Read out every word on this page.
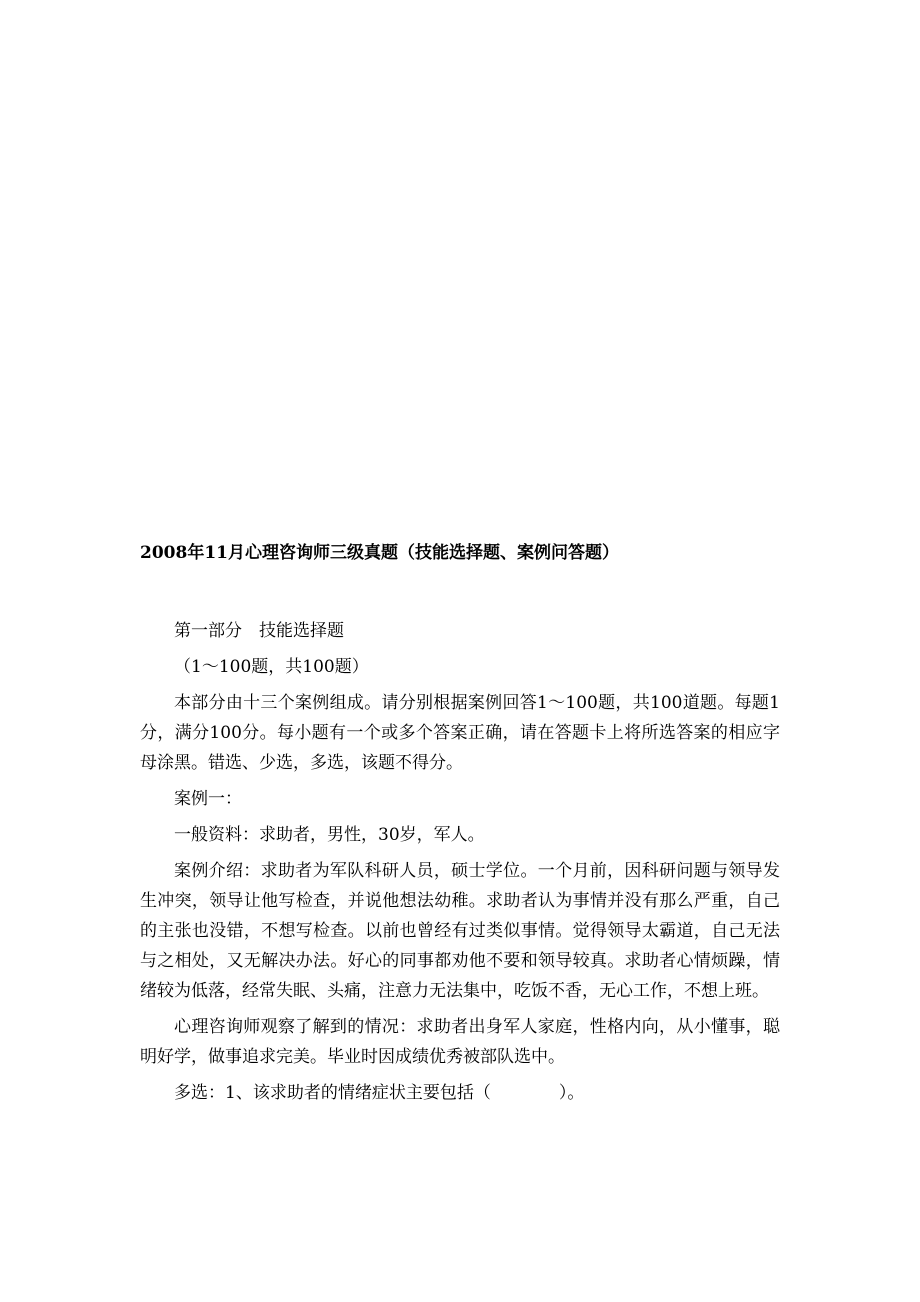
2008年11月心理咨询师三级真题（技能选择题、案例问答题）

第一部分　技能选择题

（1～100题，共100题）

本部分由十三个案例组成。请分别根据案例回答1～100题，共100道题。每题1分，满分100分。每小题有一个或多个答案正确，请在答题卡上将所选答案的相应字母涂黑。错选、少选，多选，该题不得分。

案例一：

一般资料：求助者，男性，30岁，军人。

案例介绍：求助者为军队科研人员，硕士学位。一个月前，因科研问题与领导发生冲突，领导让他写检查，并说他想法幼稚。求助者认为事情并没有那么严重，自己的主张也没错，不想写检查。以前也曾经有过类似事情。觉得领导太霸道，自己无法与之相处，又无解决办法。好心的同事都劝他不要和领导较真。求助者心情烦躁，情绪较为低落，经常失眠、头痛，注意力无法集中，吃饭不香，无心工作，不想上班。

心理咨询师观察了解到的情况：求助者出身军人家庭，性格内向，从小懂事，聪明好学，做事追求完美。毕业时因成绩优秀被部队选中。

多选：1、该求助者的情绪症状主要包括（　　　　）。
